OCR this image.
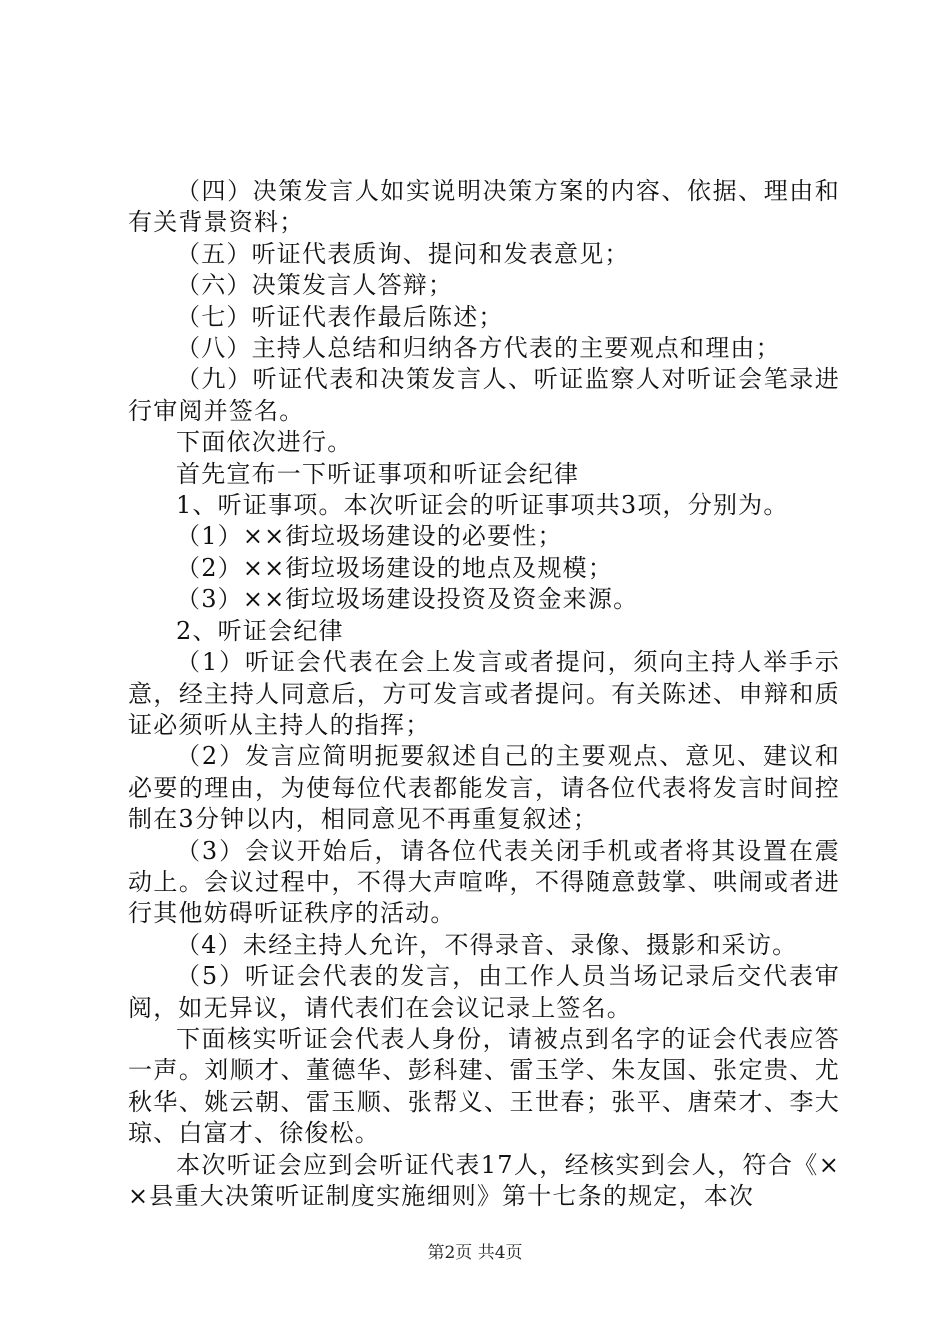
（四）决策发言人如实说明决策方案的内容、依据、理由和有关背景资料；

（五）听证代表质询、提问和发表意见；

（六）决策发言人答辩；

（七）听证代表作最后陈述；

（八）主持人总结和归纳各方代表的主要观点和理由；

（九）听证代表和决策发言人、听证监察人对听证会笔录进行审阅并签名。

下面依次进行。

首先宣布一下听证事项和听证会纪律

1、听证事项。本次听证会的听证事项共3项，分别为。

（1）××街垃圾场建设的必要性；

（2）××街垃圾场建设的地点及规模；

（3）××街垃圾场建设投资及资金来源。

2、听证会纪律

（1）听证会代表在会上发言或者提问，须向主持人举手示意，经主持人同意后，方可发言或者提问。有关陈述、申辩和质证必须听从主持人的指挥；

（2）发言应简明扼要叙述自己的主要观点、意见、建议和必要的理由，为使每位代表都能发言，请各位代表将发言时间控制在3分钟以内，相同意见不再重复叙述；

（3）会议开始后，请各位代表关闭手机或者将其设置在震动上。会议过程中，不得大声喧哗，不得随意鼓掌、哄闹或者进行其他妨碍听证秩序的活动。

（4）未经主持人允许，不得录音、录像、摄影和采访。

（5）听证会代表的发言，由工作人员当场记录后交代表审阅，如无异议，请代表们在会议记录上签名。

下面核实听证会代表人身份，请被点到名字的证会代表应答一声。刘顺才、董德华、彭科建、雷玉学、朱友国、张定贵、尤秋华、姚云朝、雷玉顺、张帮义、王世春；张平、唐荣才、李大琼、白富才、徐俊松。

本次听证会应到会听证代表17人，经核实到会人，符合《××县重大决策听证制度实施细则》第十七条的规定，本次

第2页 共4页
